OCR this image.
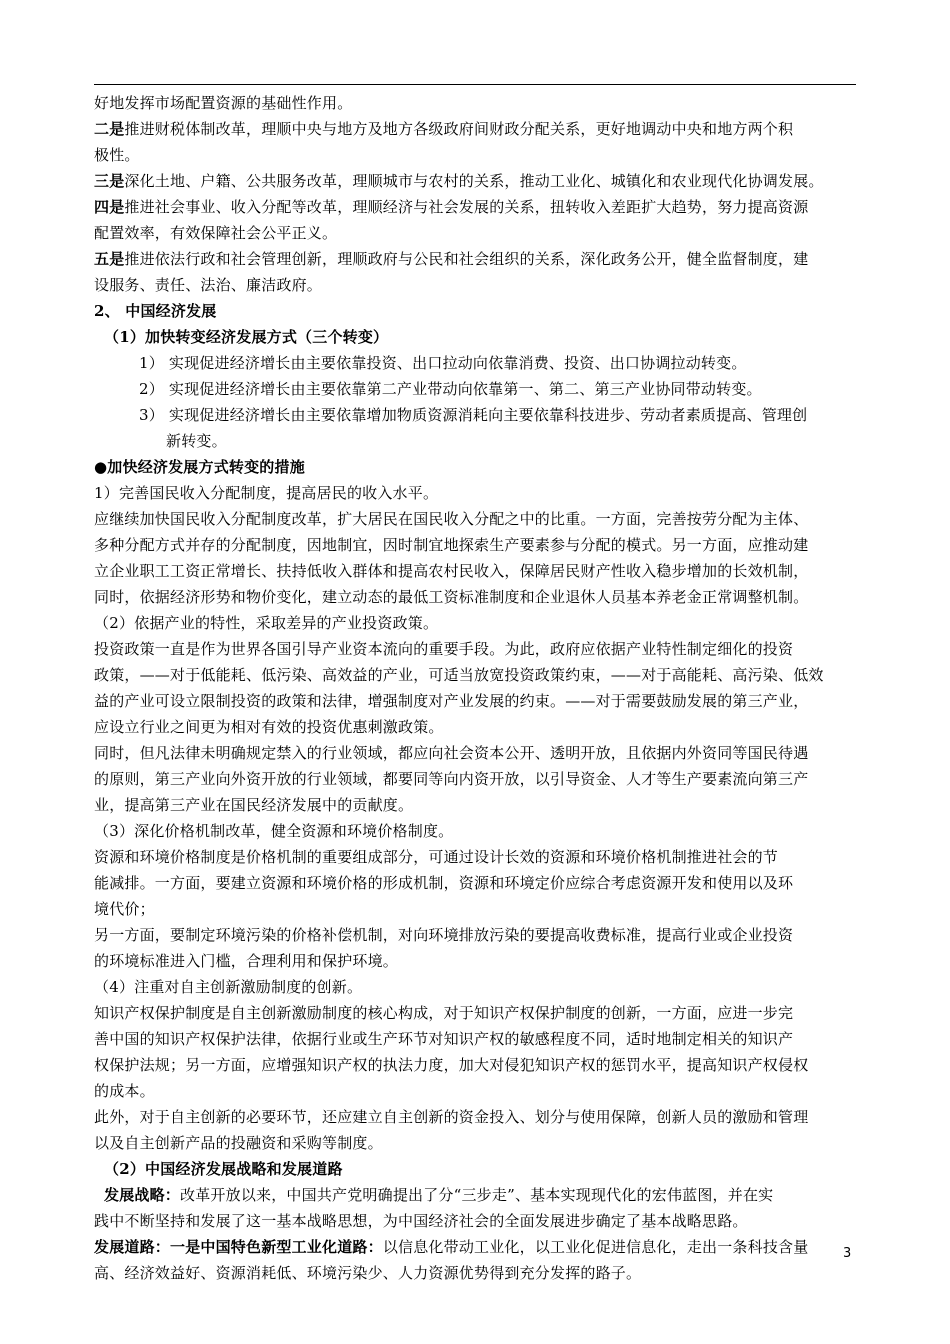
好地发挥市场配置资源的基础性作用。
二是推进财税体制改革，理顺中央与地方及地方各级政府间财政分配关系，更好地调动中央和地方两个积
极性。
三是深化土地、户籍、公共服务改革，理顺城市与农村的关系，推动工业化、城镇化和农业现代化协调发展。
四是推进社会事业、收入分配等改革，理顺经济与社会发展的关系，扭转收入差距扩大趋势，努力提高资源
配置效率，有效保障社会公平正义。
五是推进依法行政和社会管理创新，理顺政府与公民和社会组织的关系，深化政务公开，健全监督制度，建
设服务、责任、法治、廉洁政府。
2、 中国经济发展
（1）加快转变经济发展方式（三个转变）
1） 实现促进经济增长由主要依靠投资、出口拉动向依靠消费、投资、出口协调拉动转变。
2） 实现促进经济增长由主要依靠第二产业带动向依靠第一、第二、第三产业协同带动转变。
3） 实现促进经济增长由主要依靠增加物质资源消耗向主要依靠科技进步、劳动者素质提高、管理创
新转变。
●加快经济发展方式转变的措施
1）完善国民收入分配制度，提高居民的收入水平。
应继续加快国民收入分配制度改革，扩大居民在国民收入分配之中的比重。一方面，完善按劳分配为主体、
多种分配方式并存的分配制度，因地制宜，因时制宜地探索生产要素参与分配的模式。另一方面，应推动建
立企业职工工资正常增长、扶持低收入群体和提高农村民收入，保障居民财产性收入稳步增加的长效机制，
同时，依据经济形势和物价变化，建立动态的最低工资标准制度和企业退休人员基本养老金正常调整机制。
（2）依据产业的特性，采取差异的产业投资政策。
投资政策一直是作为世界各国引导产业资本流向的重要手段。为此，政府应依据产业特性制定细化的投资
政策，——对于低能耗、低污染、高效益的产业，可适当放宽投资政策约束，——对于高能耗、高污染、低效
益的产业可设立限制投资的政策和法律，增强制度对产业发展的约束。——对于需要鼓励发展的第三产业，
应设立行业之间更为相对有效的投资优惠刺激政策。
同时，但凡法律未明确规定禁入的行业领域，都应向社会资本公开、透明开放，且依据内外资同等国民待遇
的原则，第三产业向外资开放的行业领域，都要同等向内资开放，以引导资金、人才等生产要素流向第三产
业，提高第三产业在国民经济发展中的贡献度。
（3）深化价格机制改革，健全资源和环境价格制度。
资源和环境价格制度是价格机制的重要组成部分，可通过设计长效的资源和环境价格机制推进社会的节
能减排。一方面，要建立资源和环境价格的形成机制，资源和环境定价应综合考虑资源开发和使用以及环
境代价；
另一方面，要制定环境污染的价格补偿机制，对向环境排放污染的要提高收费标准，提高行业或企业投资
的环境标准进入门槛，合理利用和保护环境。
（4）注重对自主创新激励制度的创新。
知识产权保护制度是自主创新激励制度的核心构成，对于知识产权保护制度的创新，一方面，应进一步完
善中国的知识产权保护法律，依据行业或生产环节对知识产权的敏感程度不同，适时地制定相关的知识产
权保护法规；另一方面，应增强知识产权的执法力度，加大对侵犯知识产权的惩罚水平，提高知识产权侵权
的成本。
此外，对于自主创新的必要环节，还应建立自主创新的资金投入、划分与使用保障，创新人员的激励和管理
以及自主创新产品的投融资和采购等制度。
（2）中国经济发展战略和发展道路
发展战略：改革开放以来，中国共产党明确提出了分“三步走”、基本实现现代化的宏伟蓝图，并在实
践中不断坚持和发展了这一基本战略思想，为中国经济社会的全面发展进步确定了基本战略思路。
发展道路：一是中国特色新型工业化道路：以信息化带动工业化，以工业化促进信息化，走出一条科技含量
高、经济效益好、资源消耗低、环境污染少、人力资源优势得到充分发挥的路子。
3
